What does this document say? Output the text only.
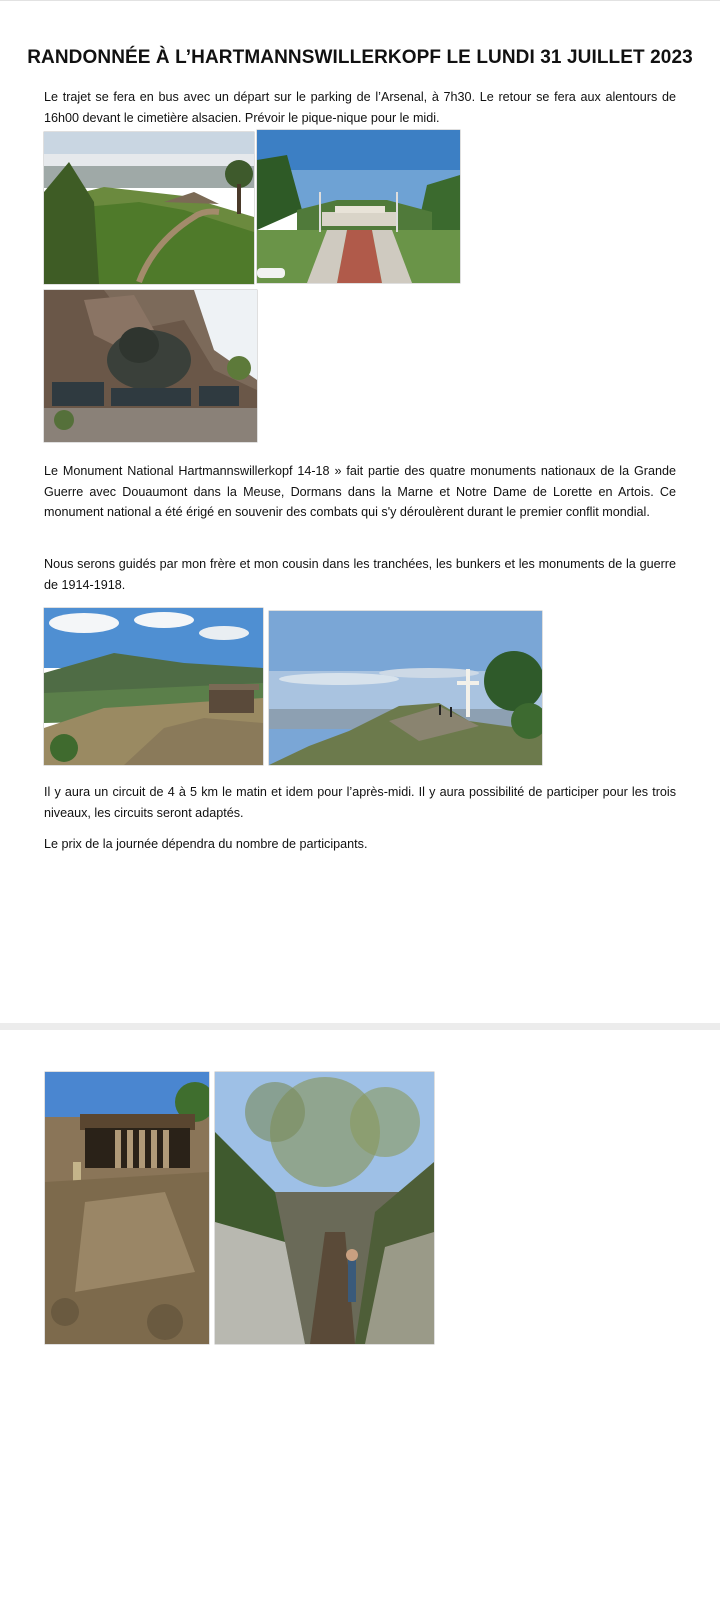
RANDONNÉE À L’HARTMANNSWILLERKOPF LE LUNDI 31 JUILLET 2023

Le trajet se fera en bus avec un départ sur le parking de l’Arsenal, à 7h30. Le retour se fera aux alentours de 16h00 devant le cimetière alsacien. Prévoir le pique-nique pour le midi.

Le Monument National Hartmannswillerkopf 14-18 » fait partie des quatre monuments nationaux de la Grande Guerre avec Douaumont dans la Meuse, Dormans dans la Marne et Notre Dame de Lorette en Artois. Ce monument national a été érigé en souvenir des combats qui s'y déroulèrent durant le premier conflit mondial.

Nous serons guidés par mon frère et mon cousin dans les tranchées, les bunkers et les monuments de la guerre de 1914-1918.

Il y aura un circuit de 4 à 5 km le matin et idem pour l’après-midi. Il y aura possibilité de participer pour les trois niveaux, les circuits seront adaptés.

Le prix de la journée dépendra du nombre de participants.
